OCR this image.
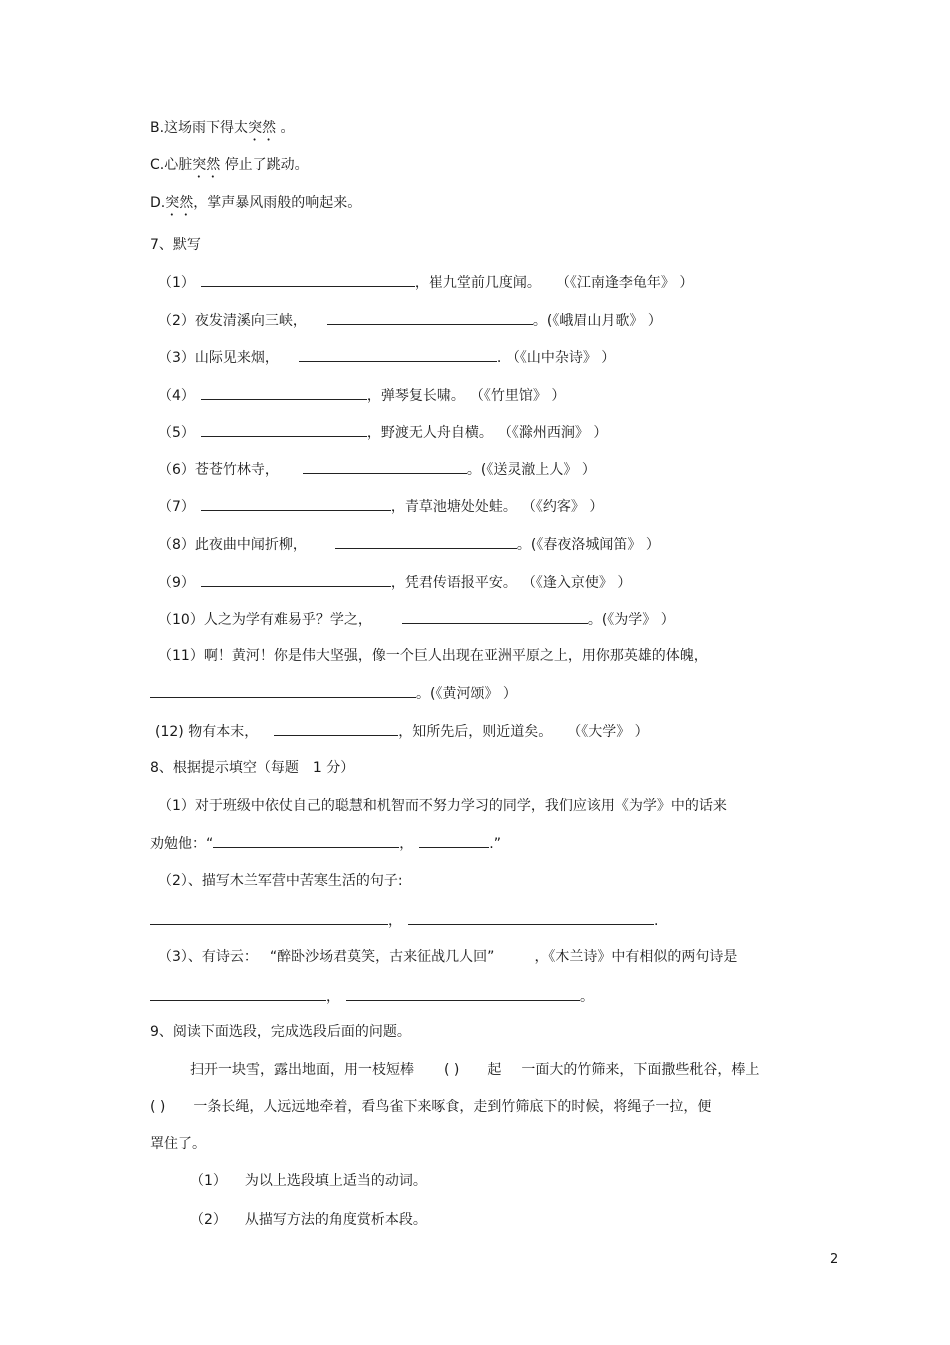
B.这场雨下得太突然 。
C.心脏突然 停止了跳动。
D.突然，掌声暴风雨般的响起来。
7、默写
（1）	，崔九堂前几度闻。 （《江南逢李龟年》 ）
（2）夜发清溪向三峡，	。(《峨眉山月歌》 ）
（3）山际见来烟，	. （《山中杂诗》 ）
（4）	，弹琴复长啸。 （《竹里馆》 ）
（5）	，野渡无人舟自横。 （《滁州西涧》 ）
（6）苍苍竹林寺，	。(《送灵澈上人》 ）
（7）	，青草池塘处处蛙。 （《约客》 ）
（8）此夜曲中闻折柳，	。(《春夜洛城闻笛》 ）
（9）	，凭君传语报平安。 （《逢入京使》 ）
（10）人之为学有难易乎？学之，	。(《为学》 ）
（11）啊！黄河！你是伟大坚强，像一个巨人出现在亚洲平原之上，用你那英雄的体魄，
。(《黄河颂》 ）
(12) 物有本末，	，知所先后，则近道矣。 （《大学》 ）
8、根据提示填空（每题 1 分）
（1）对于班级中依仗自己的聪慧和机智而不努力学习的同学，我们应该用《为学》中的话来
劝勉他：“	，	.”
（2）、描写木兰军营中苦寒生活的句子:
，	.
（3）、有诗云： “醉卧沙场君莫笑，古来征战几人回”	，《木兰诗》中有相似的两句诗是
，	。
9、阅读下面选段，完成选段后面的问题。
扫开一块雪，露出地面，用一枝短棒 ( ) 起 一面大的竹筛来，下面撒些秕谷，棒上
( ) 一条长绳，人远远地牵着，看鸟雀下来啄食，走到竹筛底下的时候，将绳子一拉，便
罩住了。
（1） 为以上选段填上适当的动词。
（2） 从描写方法的角度赏析本段。
2
